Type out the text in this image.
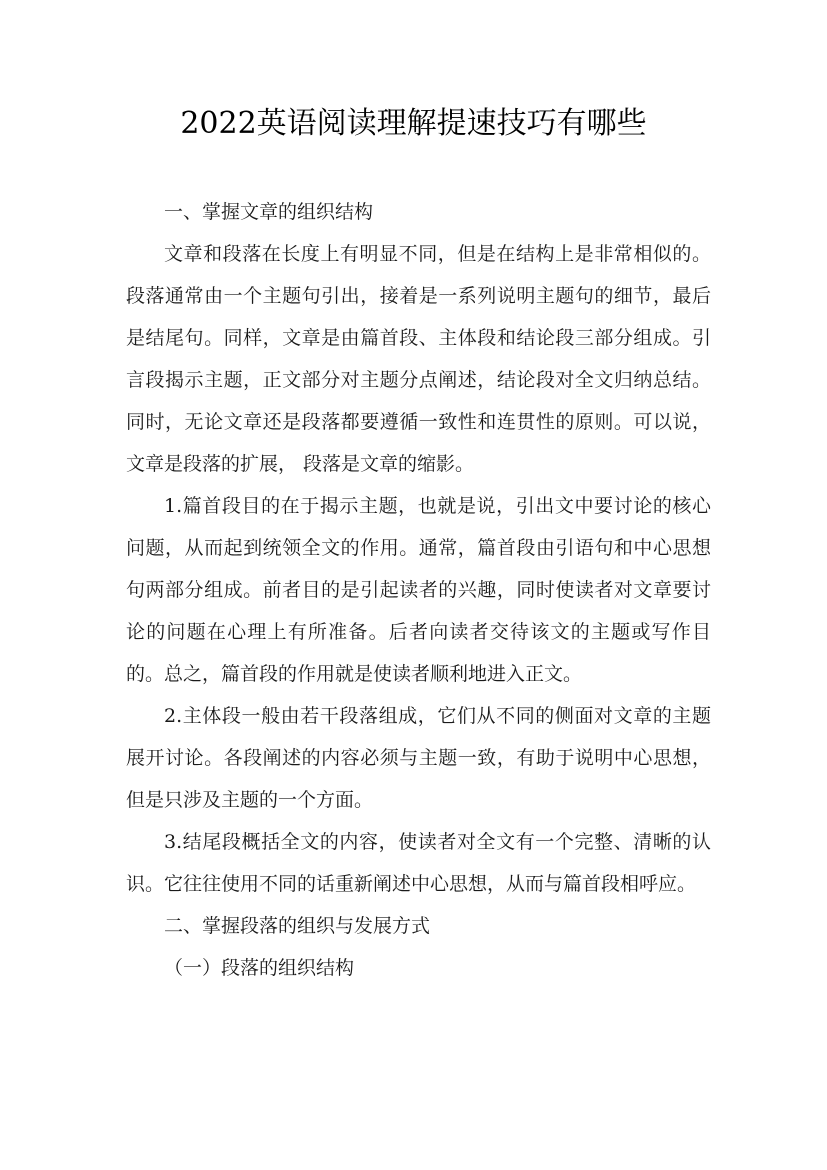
2022英语阅读理解提速技巧有哪些

一、掌握文章的组织结构

文章和段落在长度上有明显不同，但是在结构上是非常相似的。段落通常由一个主题句引出，接着是一系列说明主题句的细节，最后是结尾句。同样，文章是由篇首段、主体段和结论段三部分组成。引言段揭示主题，正文部分对主题分点阐述，结论段对全文归纳总结。同时，无论文章还是段落都要遵循一致性和连贯性的原则。可以说，文章是段落的扩展， 段落是文章的缩影。

1.篇首段目的在于揭示主题，也就是说，引出文中要讨论的核心问题，从而起到统领全文的作用。通常，篇首段由引语句和中心思想句两部分组成。前者目的是引起读者的兴趣，同时使读者对文章要讨论的问题在心理上有所准备。后者向读者交待该文的主题或写作目的。总之，篇首段的作用就是使读者顺利地进入正文。

2.主体段一般由若干段落组成，它们从不同的侧面对文章的主题展开讨论。各段阐述的内容必须与主题一致，有助于说明中心思想，但是只涉及主题的一个方面。

3.结尾段概括全文的内容，使读者对全文有一个完整、清晰的认识。它往往使用不同的话重新阐述中心思想，从而与篇首段相呼应。

二、掌握段落的组织与发展方式

（一）段落的组织结构
